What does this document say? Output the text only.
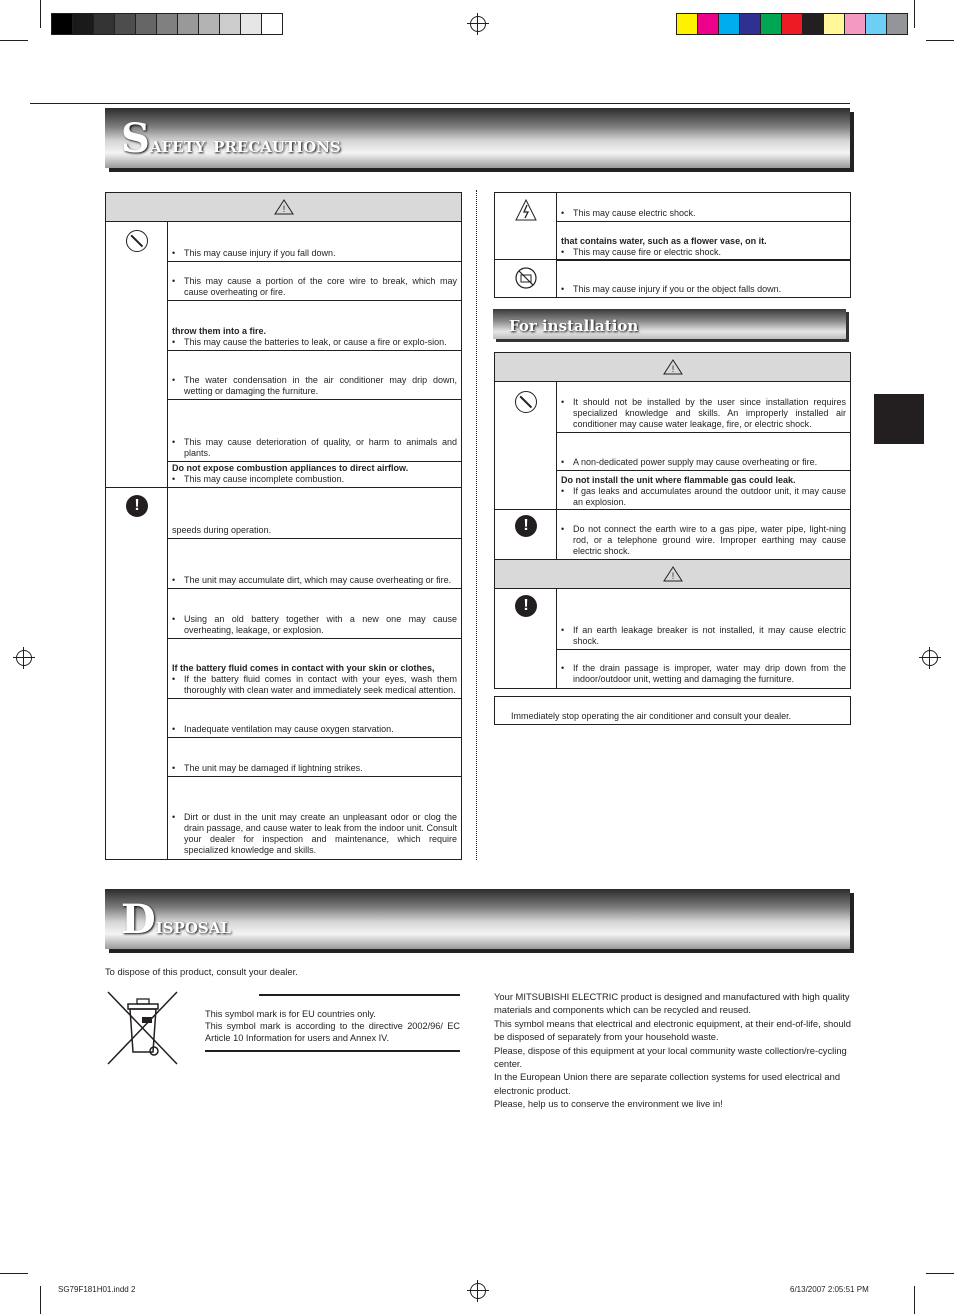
Safety precautions
!
!
• This may cause injury if you fall down.
• This may cause a portion of the core wire to break, which may cause overheating or fire.
throw them into a fire.
• This may cause the batteries to leak, or cause a fire or explo-sion.
• The water condensation in the air conditioner may drip down, wetting or damaging the furniture.
• This may cause deterioration of quality, or harm to animals and plants.
Do not expose combustion appliances to direct airflow.
• This may cause incomplete combustion.
speeds during operation.
• The unit may accumulate dirt, which may cause overheating or fire.
• Using an old battery together with a new one may cause overheating, leakage, or explosion.
If the battery fluid comes in contact with your skin or clothes,
• If the battery fluid comes in contact with your eyes, wash them thoroughly with clean water and immediately seek medical attention.
• Inadequate ventilation may cause oxygen starvation.
• The unit may be damaged if lightning strikes.
• Dirt or dust in the unit may create an unpleasant odor or clog the drain passage, and cause water to leak from the indoor unit. Consult your dealer for inspection and maintenance, which require specialized knowledge and skills.
• This may cause electric shock.
that contains water, such as a flower vase, on it.
• This may cause fire or electric shock.
• This may cause injury if you or the object falls down.
For installation
!
!
!
!
• It should not be installed by the user since installation requires specialized knowledge and skills. An improperly installed air conditioner may cause water leakage, fire, or electric shock.
• A non-dedicated power supply may cause overheating or fire.
Do not install the unit where flammable gas could leak.
• If gas leaks and accumulates around the outdoor unit, it may cause an explosion.
• Do not connect the earth wire to a gas pipe, water pipe, light-ning rod, or a telephone ground wire. Improper earthing may cause electric shock.
• If an earth leakage breaker is not installed, it may cause electric shock.
• If the drain passage is improper, water may drip down from the indoor/outdoor unit, wetting and damaging the furniture.
Immediately stop operating the air conditioner and consult your dealer.
Disposal
To dispose of this product, consult your dealer.
This symbol mark is for EU countries only.
This symbol mark is according to the directive 2002/96/ EC Article 10 Information for users and Annex IV.
Your MITSUBISHI ELECTRIC product is designed and manufactured with high quality materials and components which can be recycled and reused.
This symbol means that electrical and electronic equipment, at their end-of-life, should be disposed of separately from your household waste.
Please, dispose of this equipment at your local community waste collection/re-cycling center.
In the European Union there are separate collection systems for used electrical and electronic product.
Please, help us to conserve the environment we live in!
SG79F181H01.indd 2	6/13/2007 2:05:51 PM
